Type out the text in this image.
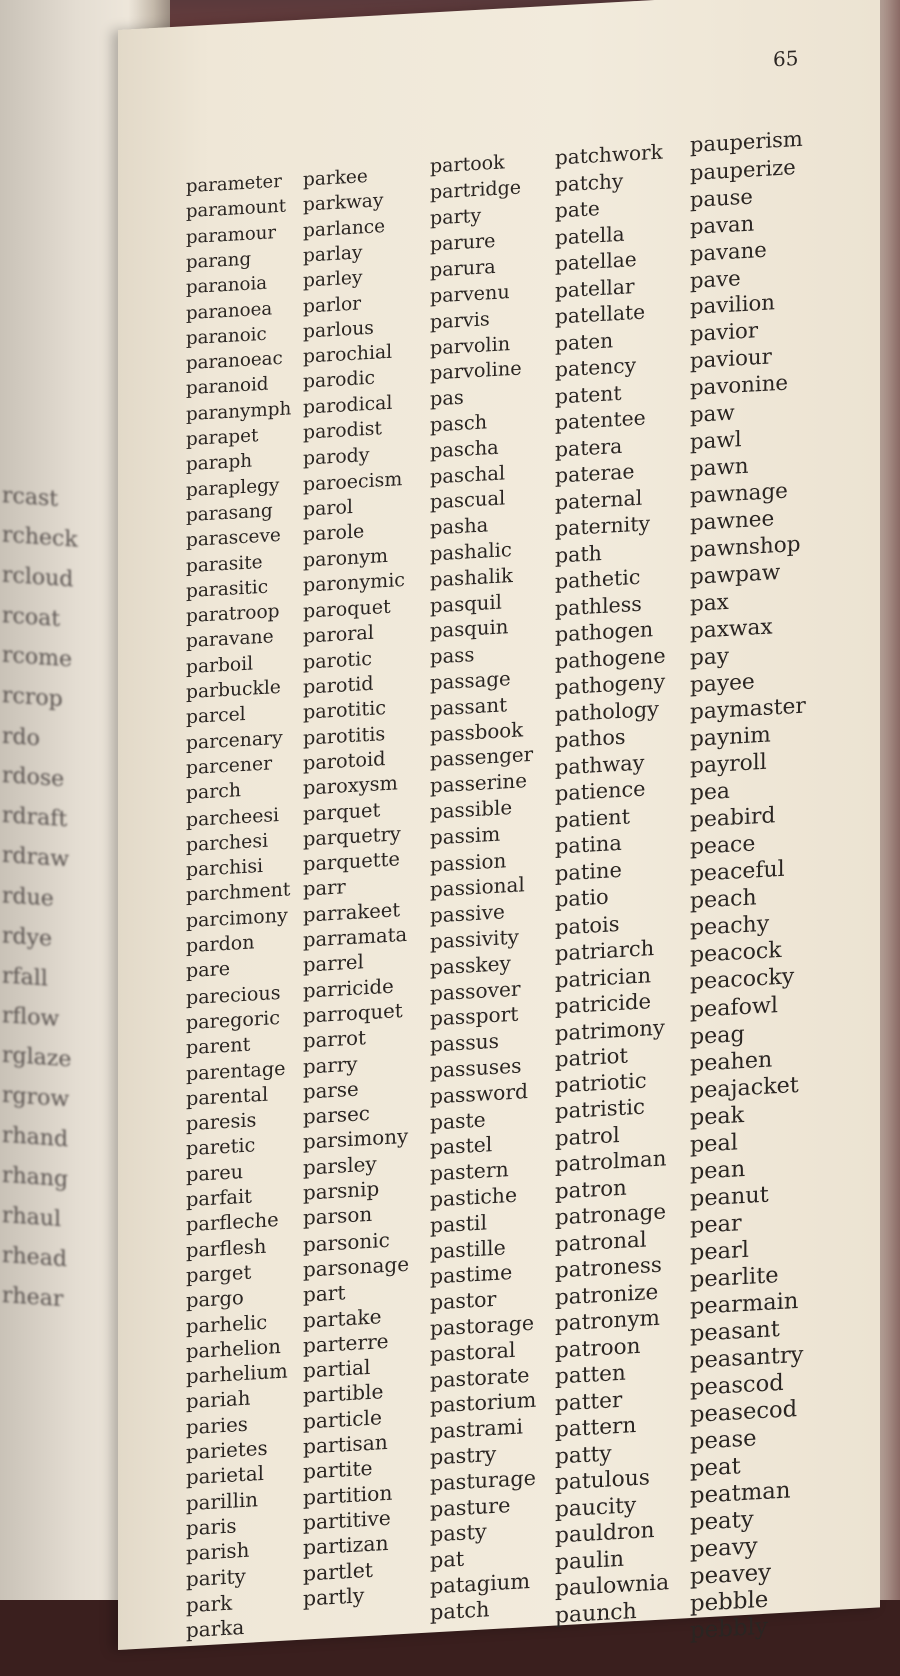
rcast
rcheck
rcloud
rcoat
rcome
rcrop
rdo
rdose
rdraft
rdraw
rdue
rdye
rfall
rflow
rglaze
rgrow
rhand
rhang
rhaul
rhead
rhear
65
parameter
paramount
paramour
parang
paranoia
paranoea
paranoic
paranoeac
paranoid
paranymph
parapet
paraph
paraplegy
parasang
parasceve
parasite
parasitic
paratroop
paravane
parboil
parbuckle
parcel
parcenary
parcener
parch
parcheesi
parchesi
parchisi
parchment
parcimony
pardon
pare
parecious
paregoric
parent
parentage
parental
paresis
paretic
pareu
parfait
parfleche
parflesh
parget
pargo
parhelic
parhelion
parhelium
pariah
paries
parietes
parietal
parillin
paris
parish
parity
park
parka
parkee
parkway
parlance
parlay
parley
parlor
parlous
parochial
parodic
parodical
parodist
parody
paroecism
parol
parole
paronym
paronymic
paroquet
paroral
parotic
parotid
parotitic
parotitis
parotoid
paroxysm
parquet
parquetry
parquette
parr
parrakeet
parramata
parrel
parricide
parroquet
parrot
parry
parse
parsec
parsimony
parsley
parsnip
parson
parsonic
parsonage
part
partake
parterre
partial
partible
particle
partisan
partite
partition
partitive
partizan
partlet
partly
partook
partridge
party
parure
parura
parvenu
parvis
parvolin
parvoline
pas
pasch
pascha
paschal
pascual
pasha
pashalic
pashalik
pasquil
pasquin
pass
passage
passant
passbook
passenger
passerine
passible
passim
passion
passional
passive
passivity
passkey
passover
passport
passus
passuses
password
paste
pastel
pastern
pastiche
pastil
pastille
pastime
pastor
pastorage
pastoral
pastorate
pastorium
pastrami
pastry
pasturage
pasture
pasty
pat
patagium
patch
patchwork
patchy
pate
patella
patellae
patellar
patellate
paten
patency
patent
patentee
patera
paterae
paternal
paternity
path
pathetic
pathless
pathogen
pathogene
pathogeny
pathology
pathos
pathway
patience
patient
patina
patine
patio
patois
patriarch
patrician
patricide
patrimony
patriot
patriotic
patristic
patrol
patrolman
patron
patronage
patronal
patroness
patronize
patronym
patroon
patten
patter
pattern
patty
patulous
paucity
pauldron
paulin
paulownia
paunch
pauperism
pauperize
pause
pavan
pavane
pave
pavilion
pavior
paviour
pavonine
paw
pawl
pawn
pawnage
pawnee
pawnshop
pawpaw
pax
paxwax
pay
payee
paymaster
paynim
payroll
pea
peabird
peace
peaceful
peach
peachy
peacock
peacocky
peafowl
peag
peahen
peajacket
peak
peal
pean
peanut
pear
pearl
pearlite
pearmain
peasant
peasantry
peascod
peasecod
pease
peat
peatman
peaty
peavy
peavey
pebble
pebbly
